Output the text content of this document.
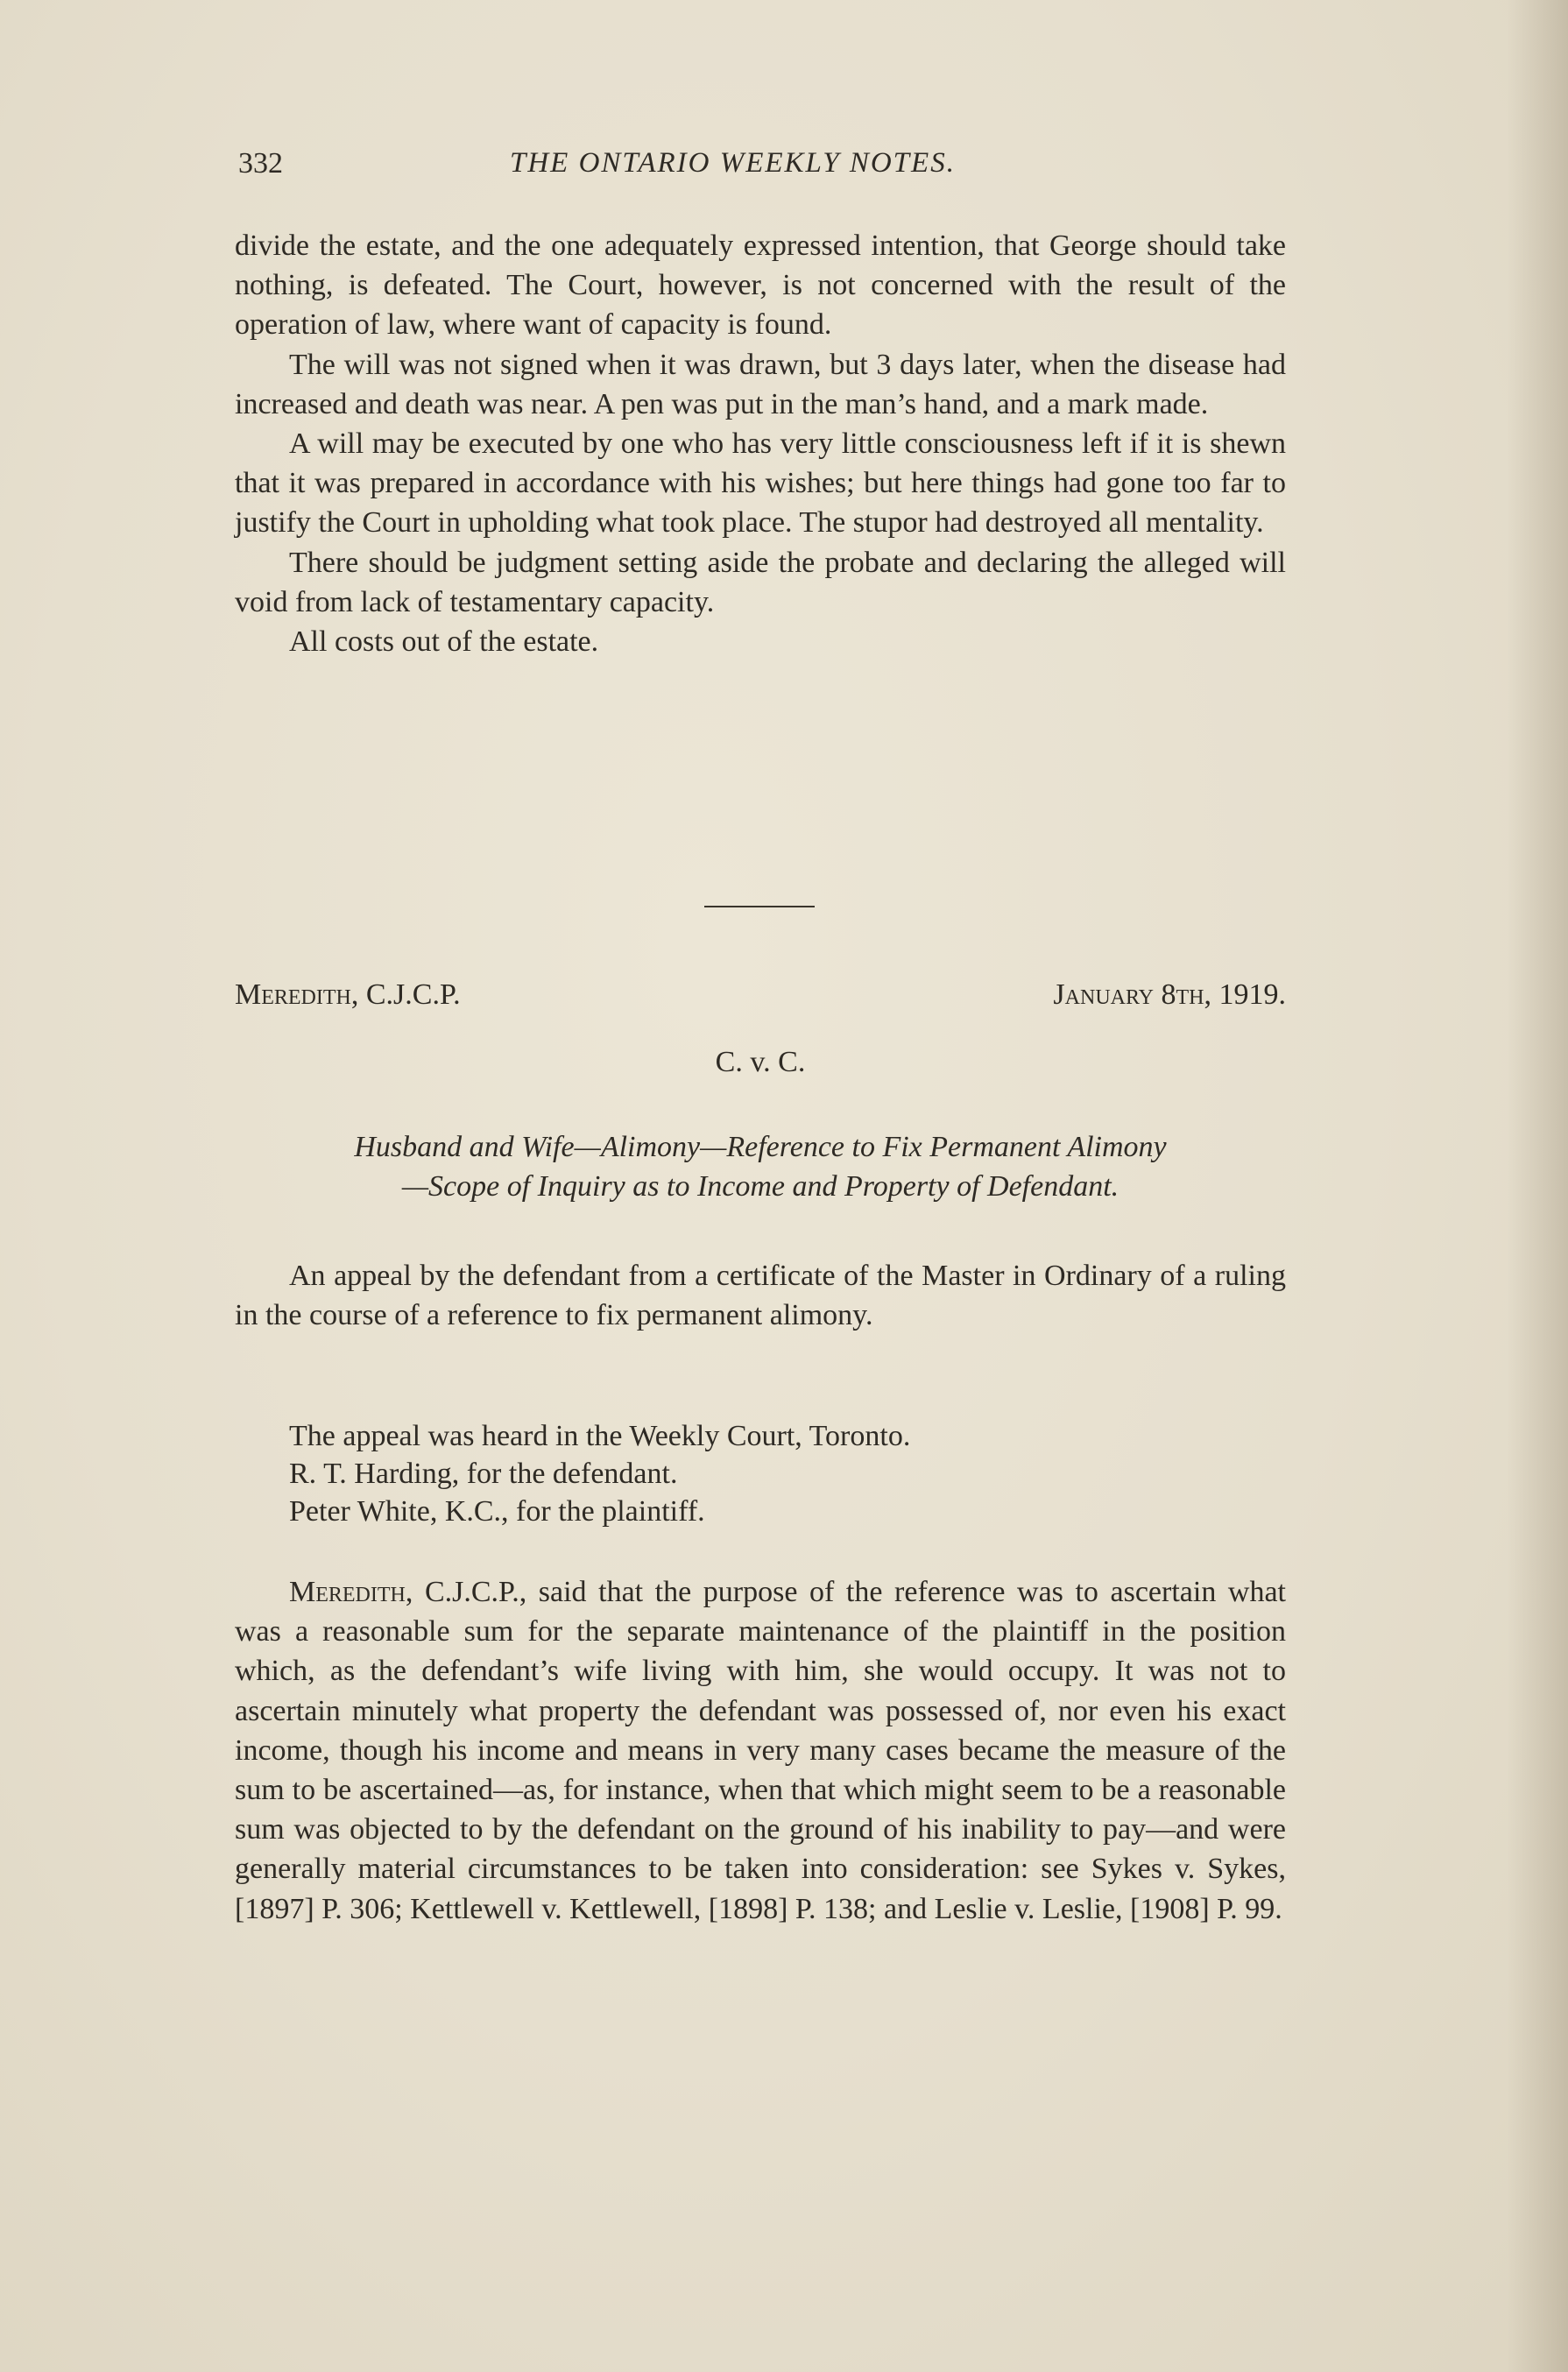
332	THE ONTARIO WEEKLY NOTES.

divide the estate, and the one adequately expressed intention, that George should take nothing, is defeated. The Court, however, is not concerned with the result of the operation of law, where want of capacity is found.

The will was not signed when it was drawn, but 3 days later, when the disease had increased and death was near. A pen was put in the man’s hand, and a mark made.

A will may be executed by one who has very little consciousness left if it is shewn that it was prepared in accordance with his wishes; but here things had gone too far to justify the Court in upholding what took place. The stupor had destroyed all mentality.

There should be judgment setting aside the probate and declaring the alleged will void from lack of testamentary capacity.

All costs out of the estate.

Meredith, C.J.C.P.	January 8th, 1919.
C. v. C.
Husband and Wife—Alimony—Reference to Fix Permanent Alimony
—Scope of Inquiry as to Income and Property of Defendant.

An appeal by the defendant from a certificate of the Master in Ordinary of a ruling in the course of a reference to fix permanent alimony.

The appeal was heard in the Weekly Court, Toronto.

R. T. Harding, for the defendant.

Peter White, K.C., for the plaintiff.

Meredith, C.J.C.P., said that the purpose of the reference was to ascertain what was a reasonable sum for the separate maintenance of the plaintiff in the position which, as the defendant’s wife living with him, she would occupy. It was not to ascertain minutely what property the defendant was possessed of, nor even his exact income, though his income and means in very many cases became the measure of the sum to be ascertained—as, for instance, when that which might seem to be a reasonable sum was objected to by the defendant on the ground of his inability to pay—and were generally material circumstances to be taken into consideration: see Sykes v. Sykes, [1897] P. 306; Kettlewell v. Kettlewell, [1898] P. 138; and Leslie v. Leslie, [1908] P. 99.
